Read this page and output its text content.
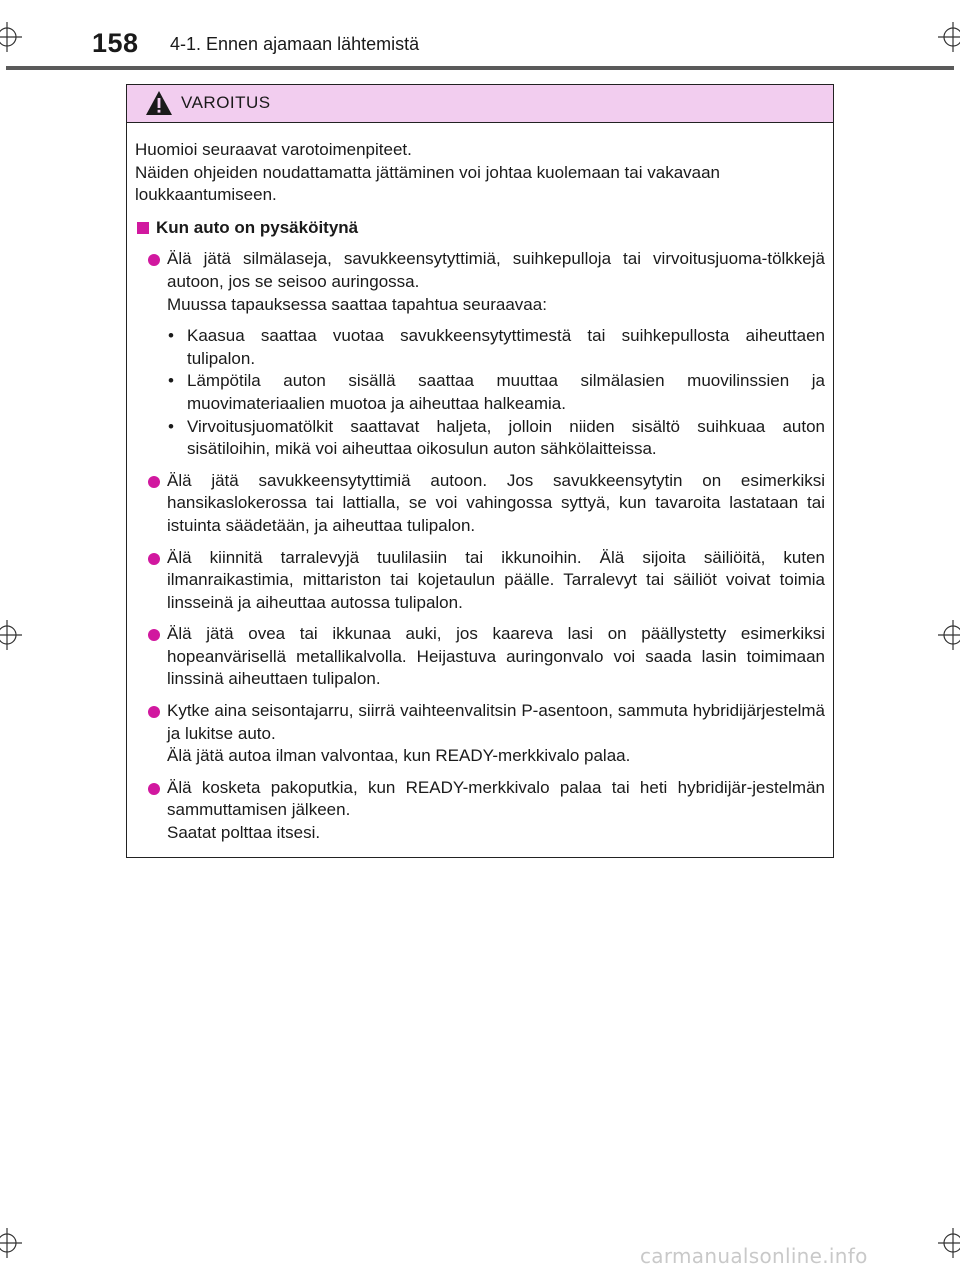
158 4-1. Ennen ajamaan lähtemistä
VAROITUS

Huomioi seuraavat varotoimenpiteet.

Näiden ohjeiden noudattamatta jättäminen voi johtaa kuolemaan tai vakavaan loukkaantumiseen.

Kun auto on pysäköitynä
Älä jätä silmälaseja, savukkeensytyttimiä, suihkepulloja tai virvoitusjuoma-tölkkejä autoon, jos se seisoo auringossa.
Muussa tapauksessa saattaa tapahtua seuraavaa:
• Kaasua saattaa vuotaa savukkeensytyttimestä tai suihkepullosta aiheuttaen tulipalon.
• Lämpötila auton sisällä saattaa muuttaa silmälasien muovilinssien ja muovimateriaalien muotoa ja aiheuttaa halkeamia.
• Virvoitusjuomatölkit saattavat haljeta, jolloin niiden sisältö suihkuaa auton sisätiloihin, mikä voi aiheuttaa oikosulun auton sähkölaitteissa.
Älä jätä savukkeensytyttimiä autoon. Jos savukkeensytytin on esimerkiksi hansikaslokerossa tai lattialla, se voi vahingossa syttyä, kun tavaroita lastataan tai istuinta säädetään, ja aiheuttaa tulipalon.
Älä kiinnitä tarralevyjä tuulilasiin tai ikkunoihin. Älä sijoita säiliöitä, kuten ilmanraikastimia, mittariston tai kojetaulun päälle. Tarralevyt tai säiliöt voivat toimia linsseinä ja aiheuttaa autossa tulipalon.
Älä jätä ovea tai ikkunaa auki, jos kaareva lasi on päällystetty esimerkiksi hopeanvärisellä metallikalvolla. Heijastuva auringonvalo voi saada lasin toimimaan linssinä aiheuttaen tulipalon.
Kytke aina seisontajarru, siirrä vaihteenvalitsin P-asentoon, sammuta hybridijärjestelmä ja lukitse auto.
Älä jätä autoa ilman valvontaa, kun READY-merkkivalo palaa.
Älä kosketa pakoputkia, kun READY-merkkivalo palaa tai heti hybridijär-jestelmän sammuttamisen jälkeen.
Saatat polttaa itsesi.
carmanualsonline.info
